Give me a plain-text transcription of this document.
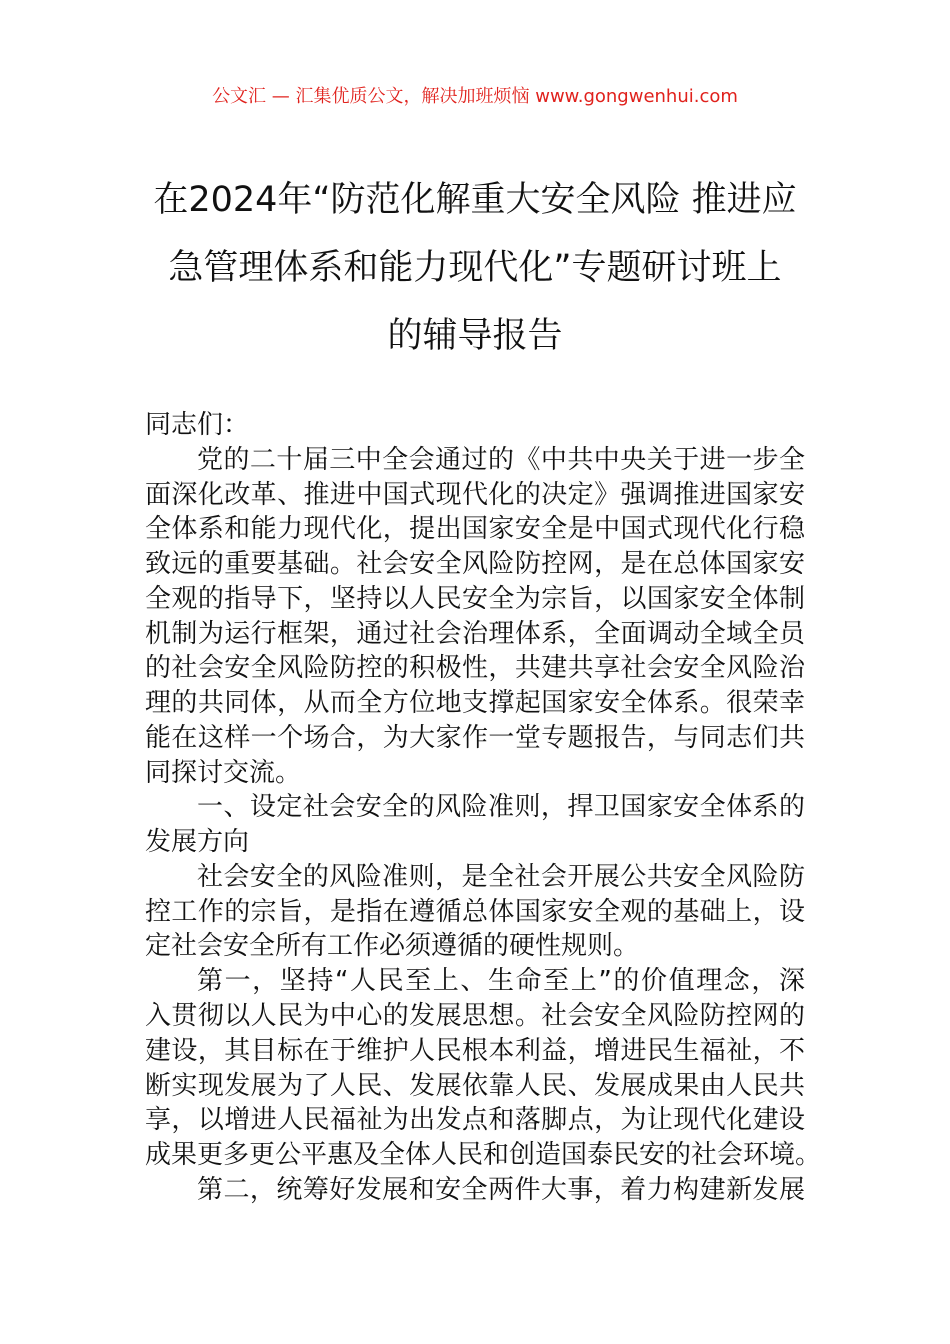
公文汇 — 汇集优质公文，解决加班烦恼 www.gongwenhui.com
在2024年“防范化解重大安全风险 推进应
急管理体系和能力现代化”专题研讨班上
的辅导报告
同志们：
党的二十届三中全会通过的《中共中央关于进一步全
面深化改革、推进中国式现代化的决定》强调推进国家安
全体系和能力现代化，提出国家安全是中国式现代化行稳
致远的重要基础。社会安全风险防控网，是在总体国家安
全观的指导下，坚持以人民安全为宗旨，以国家安全体制
机制为运行框架，通过社会治理体系，全面调动全域全员
的社会安全风险防控的积极性，共建共享社会安全风险治
理的共同体，从而全方位地支撑起国家安全体系。很荣幸
能在这样一个场合，为大家作一堂专题报告，与同志们共
同探讨交流。
一、设定社会安全的风险准则，捍卫国家安全体系的
发展方向
社会安全的风险准则，是全社会开展公共安全风险防
控工作的宗旨，是指在遵循总体国家安全观的基础上，设
定社会安全所有工作必须遵循的硬性规则。
第一，坚持“人民至上、生命至上”的价值理念，深
入贯彻以人民为中心的发展思想。社会安全风险防控网的
建设，其目标在于维护人民根本利益，增进民生福祉，不
断实现发展为了人民、发展依靠人民、发展成果由人民共
享，以增进人民福祉为出发点和落脚点，为让现代化建设
成果更多更公平惠及全体人民和创造国泰民安的社会环境。
第二，统筹好发展和安全两件大事，着力构建新发展
